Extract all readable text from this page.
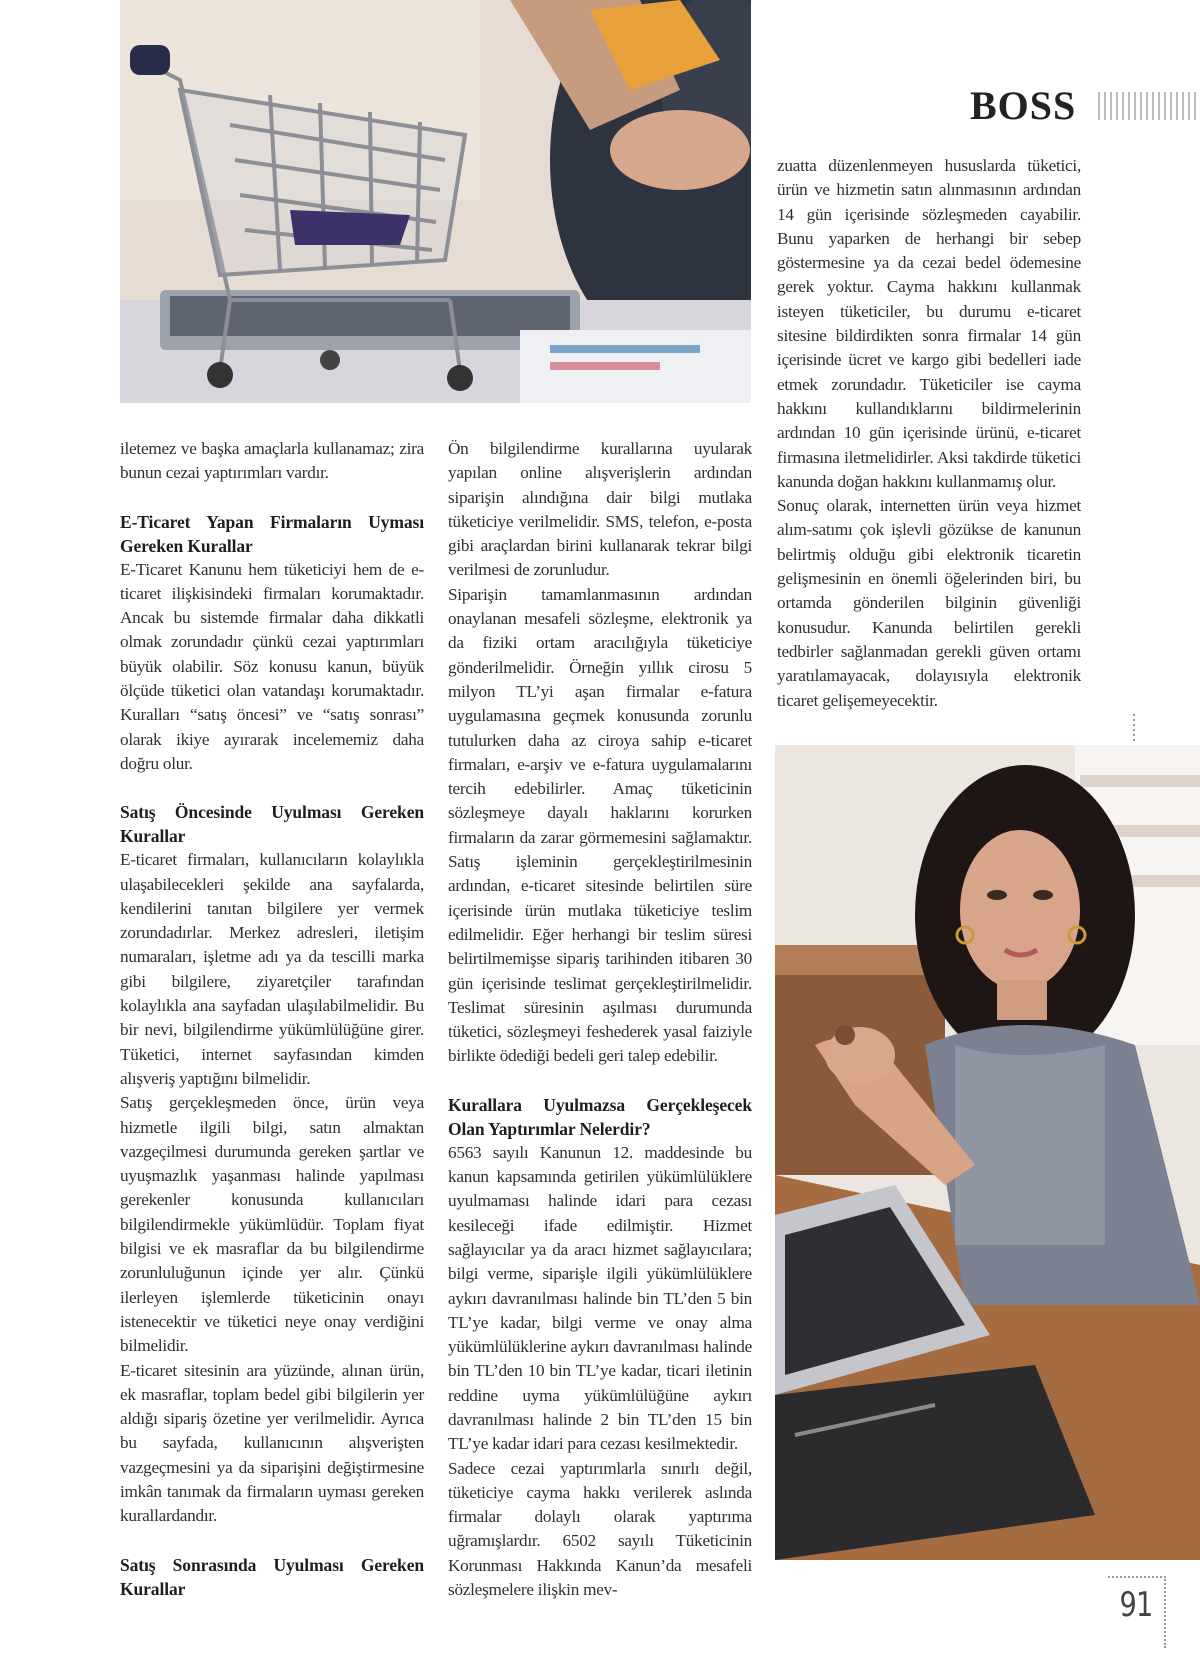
BOSS

iletemez ve başka amaçlarla kullanamaz; zira bunun cezai yaptırımları vardır.

E-Ticaret Yapan Firmaların Uyması Gereken Kurallar

E-Ticaret Kanunu hem tüketiciyi hem de e-ticaret ilişkisindeki firmaları korumaktadır. Ancak bu sistemde firmalar daha dikkatli olmak zorundadır çünkü cezai yaptırımları büyük olabilir. Söz konusu kanun, büyük ölçüde tüketici olan vatandaşı korumaktadır. Kuralları “satış öncesi” ve “satış sonrası” olarak ikiye ayırarak incelememiz daha doğru olur.

Satış Öncesinde Uyulması Gereken Kurallar

E-ticaret firmaları, kullanıcıların kolaylıkla ulaşabilecekleri şekilde ana sayfalarda, kendilerini tanıtan bilgilere yer vermek zorundadırlar. Merkez adresleri, iletişim numaraları, işletme adı ya da tescilli marka gibi bilgilere, ziyaretçiler tarafından kolaylıkla ana sayfadan ulaşılabilmelidir. Bu bir nevi, bilgilendirme yükümlülüğüne girer. Tüketici, internet sayfasından kimden alışveriş yaptığını bilmelidir.

Satış gerçekleşmeden önce, ürün veya hizmetle ilgili bilgi, satın almaktan vazgeçilmesi durumunda gereken şartlar ve uyuşmazlık yaşanması halinde yapılması gerekenler konusunda kullanıcıları bilgilendirmekle yükümlüdür. Toplam fiyat bilgisi ve ek masraflar da bu bilgilendirme zorunluluğunun içinde yer alır. Çünkü ilerleyen işlemlerde tüketicinin onayı istenecektir ve tüketici neye onay verdiğini bilmelidir.

E-ticaret sitesinin ara yüzünde, alınan ürün, ek masraflar, toplam bedel gibi bilgilerin yer aldığı sipariş özetine yer verilmelidir. Ayrıca bu sayfada, kullanıcının alışverişten vazgeçmesini ya da siparişini değiştirmesine imkân tanımak da firmaların uyması gereken kurallardandır.

Satış Sonrasında Uyulması Gereken Kurallar

Ön bilgilendirme kurallarına uyularak yapılan online alışverişlerin ardından siparişin alındığına dair bilgi mutlaka tüketiciye verilmelidir. SMS, telefon, e-posta gibi araçlardan birini kullanarak tekrar bilgi verilmesi de zorunludur.

Siparişin tamamlanmasının ardından onaylanan mesafeli sözleşme, elektronik ya da fiziki ortam aracılığıyla tüketiciye gönderilmelidir. Örneğin yıllık cirosu 5 milyon TL’yi aşan firmalar e-fatura uygulamasına geçmek konusunda zorunlu tutulurken daha az ciroya sahip e-ticaret firmaları, e-arşiv ve e-fatura uygulamalarını tercih edebilirler. Amaç tüketicinin sözleşmeye dayalı haklarını korurken firmaların da zarar görmemesini sağlamaktır. Satış işleminin gerçekleştirilmesinin ardından, e-ticaret sitesinde belirtilen süre içerisinde ürün mutlaka tüketiciye teslim edilmelidir. Eğer herhangi bir teslim süresi belirtilmemişse sipariş tarihinden itibaren 30 gün içerisinde teslimat gerçekleştirilmelidir. Teslimat süresinin aşılması durumunda tüketici, sözleşmeyi feshederek yasal faiziyle birlikte ödediği bedeli geri talep edebilir.

Kurallara Uyulmazsa Gerçekleşecek Olan Yaptırımlar Nelerdir?

6563 sayılı Kanunun 12. maddesinde bu kanun kapsamında getirilen yükümlülüklere uyulmaması halinde idari para cezası kesileceği ifade edilmiştir. Hizmet sağlayıcılar ya da aracı hizmet sağlayıcılara; bilgi verme, siparişle ilgili yükümlülüklere aykırı davranılması halinde bin TL’den 5 bin TL’ye kadar, bilgi verme ve onay alma yükümlülüklerine aykırı davranılması halinde bin TL’den 10 bin TL’ye kadar, ticari iletinin reddine uyma yükümlülüğüne aykırı davranılması halinde 2 bin TL’den 15 bin TL’ye kadar idari para cezası kesilmektedir.

Sadece cezai yaptırımlarla sınırlı değil, tüketiciye cayma hakkı verilerek aslında firmalar dolaylı olarak yaptırıma uğramışlardır. 6502 sayılı Tüketicinin Korunması Hakkında Kanun’da mesafeli sözleşmelere ilişkin mev-

zuatta düzenlenmeyen hususlarda tüketici, ürün ve hizmetin satın alınmasının ardından 14 gün içerisinde sözleşmeden cayabilir. Bunu yaparken de herhangi bir sebep göstermesine ya da cezai bedel ödemesine gerek yoktur. Cayma hakkını kullanmak isteyen tüketiciler, bu durumu e-ticaret sitesine bildirdikten sonra firmalar 14 gün içerisinde ücret ve kargo gibi bedelleri iade etmek zorundadır. Tüketiciler ise cayma hakkını kullandıklarını bildirmelerinin ardından 10 gün içerisinde ürünü, e-ticaret firmasına iletmelidirler. Aksi takdirde tüketici kanunda doğan hakkını kullanmamış olur.

Sonuç olarak, internetten ürün veya hizmet alım-satımı çok işlevli gözükse de kanunun belirtmiş olduğu gibi elektronik ticaretin gelişmesinin en önemli öğelerinden biri, bu ortamda gönderilen bilginin güvenliği konusudur. Kanunda belirtilen gerekli tedbirler sağlanmadan gerekli güven ortamı yaratılamayacak, dolayısıyla elektronik ticaret gelişemeyecektir.

91
